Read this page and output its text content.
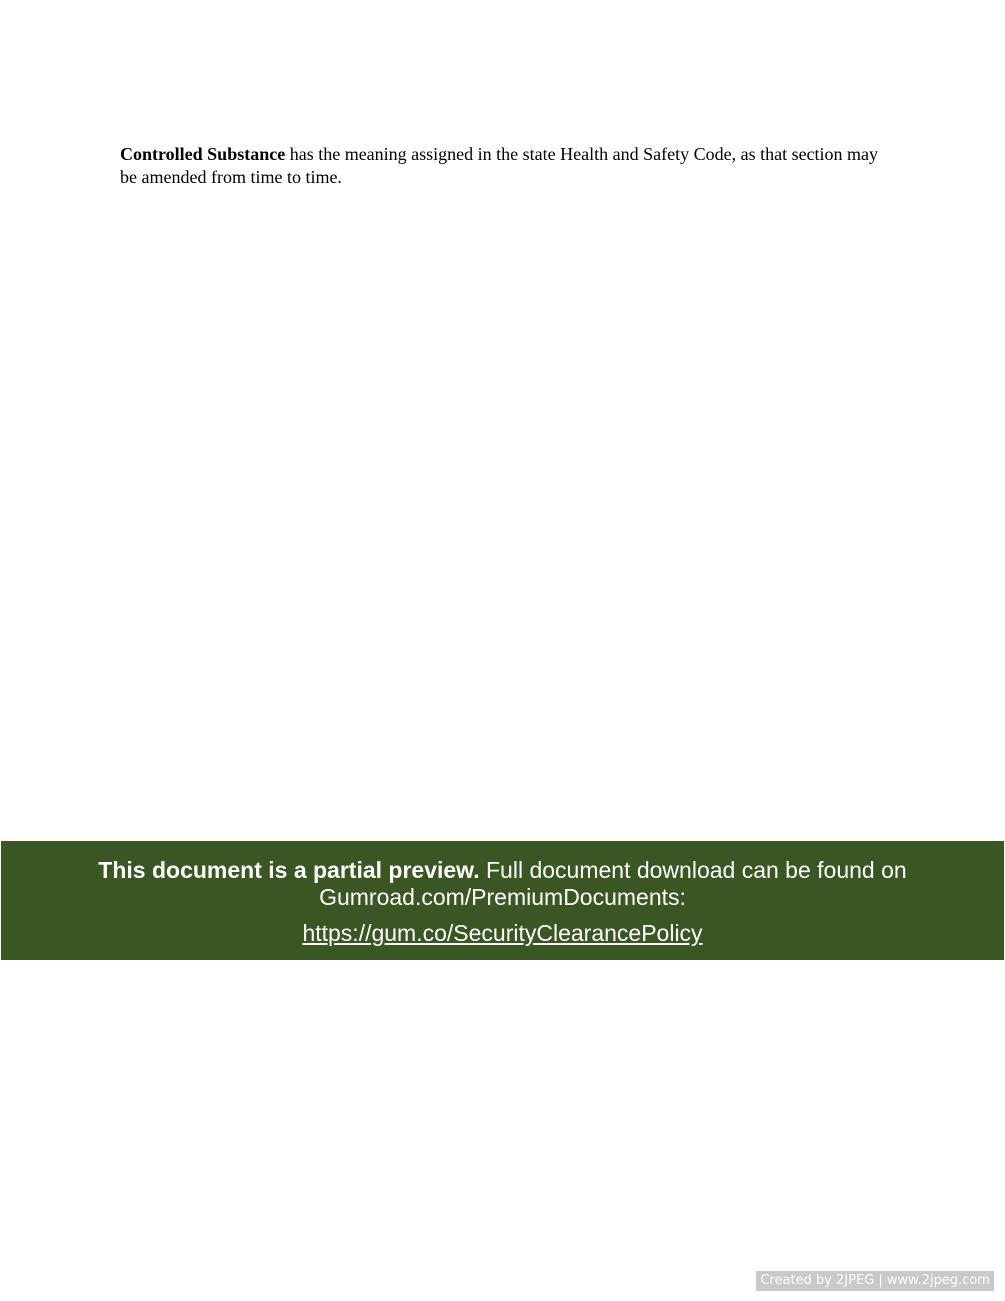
Controlled Substance has the meaning assigned in the state Health and Safety Code, as that section may be amended from time to time.

This document is a partial preview. Full document download can be found on
Gumroad.com/PremiumDocuments:
https://gum.co/SecurityClearancePolicy
Created by 2JPEG | www.2jpeg.com
